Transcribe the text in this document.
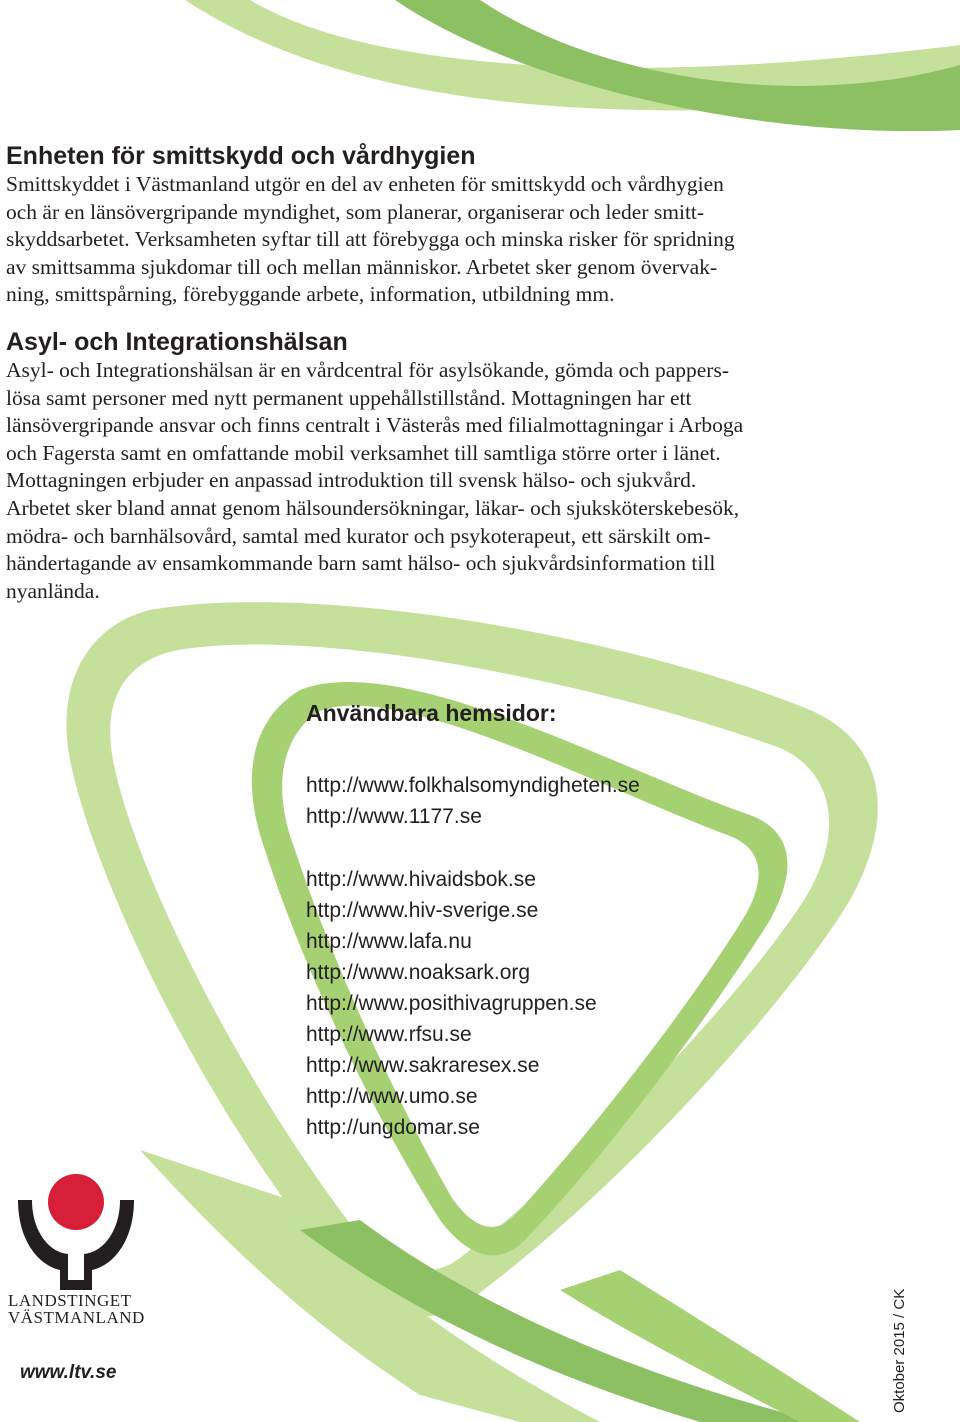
Enheten för smittskydd och vårdhygien
Smittskyddet i Västmanland utgör en del av enheten för smittskydd och vårdhygien
och är en länsövergripande myndighet, som planerar, organiserar och leder smitt-
skyddsarbetet. Verksamheten syftar till att förebygga och minska risker för spridning
av smittsamma sjukdomar till och mellan människor. Arbetet sker genom övervak-
ning, smittspårning, förebyggande arbete, information, utbildning mm.
Asyl- och Integrationshälsan
Asyl- och Integrationshälsan är en vårdcentral för asylsökande, gömda och pappers-
lösa samt personer med nytt permanent uppehållstillstånd. Mottagningen har ett
länsövergripande ansvar och finns centralt i Västerås med filialmottagningar i Arboga
och Fagersta samt en omfattande mobil verksamhet till samtliga större orter i länet.
Mottagningen erbjuder en anpassad introduktion till svensk hälso- och sjukvård.
Arbetet sker bland annat genom hälsoundersökningar, läkar- och sjuksköterskebesök,
mödra- och barnhälsovård, samtal med kurator och psykoterapeut, ett särskilt om-
händertagande av ensamkommande barn samt hälso- och sjukvårdsinformation till
nyanlända.
Användbara hemsidor:
http://www.folkhalsomyndigheten.se
http://www.1177.se
http://www.hivaidsbok.se
http://www.hiv-sverige.se
http://www.lafa.nu
http://www.noaksark.org
http://www.posithivagruppen.se
http://www.rfsu.se
http://www.sakraresex.se
http://www.umo.se
http://ungdomar.se
LANDSTINGET
VÄSTMANLAND
www.ltv.se	Oktober 2015 / CK
